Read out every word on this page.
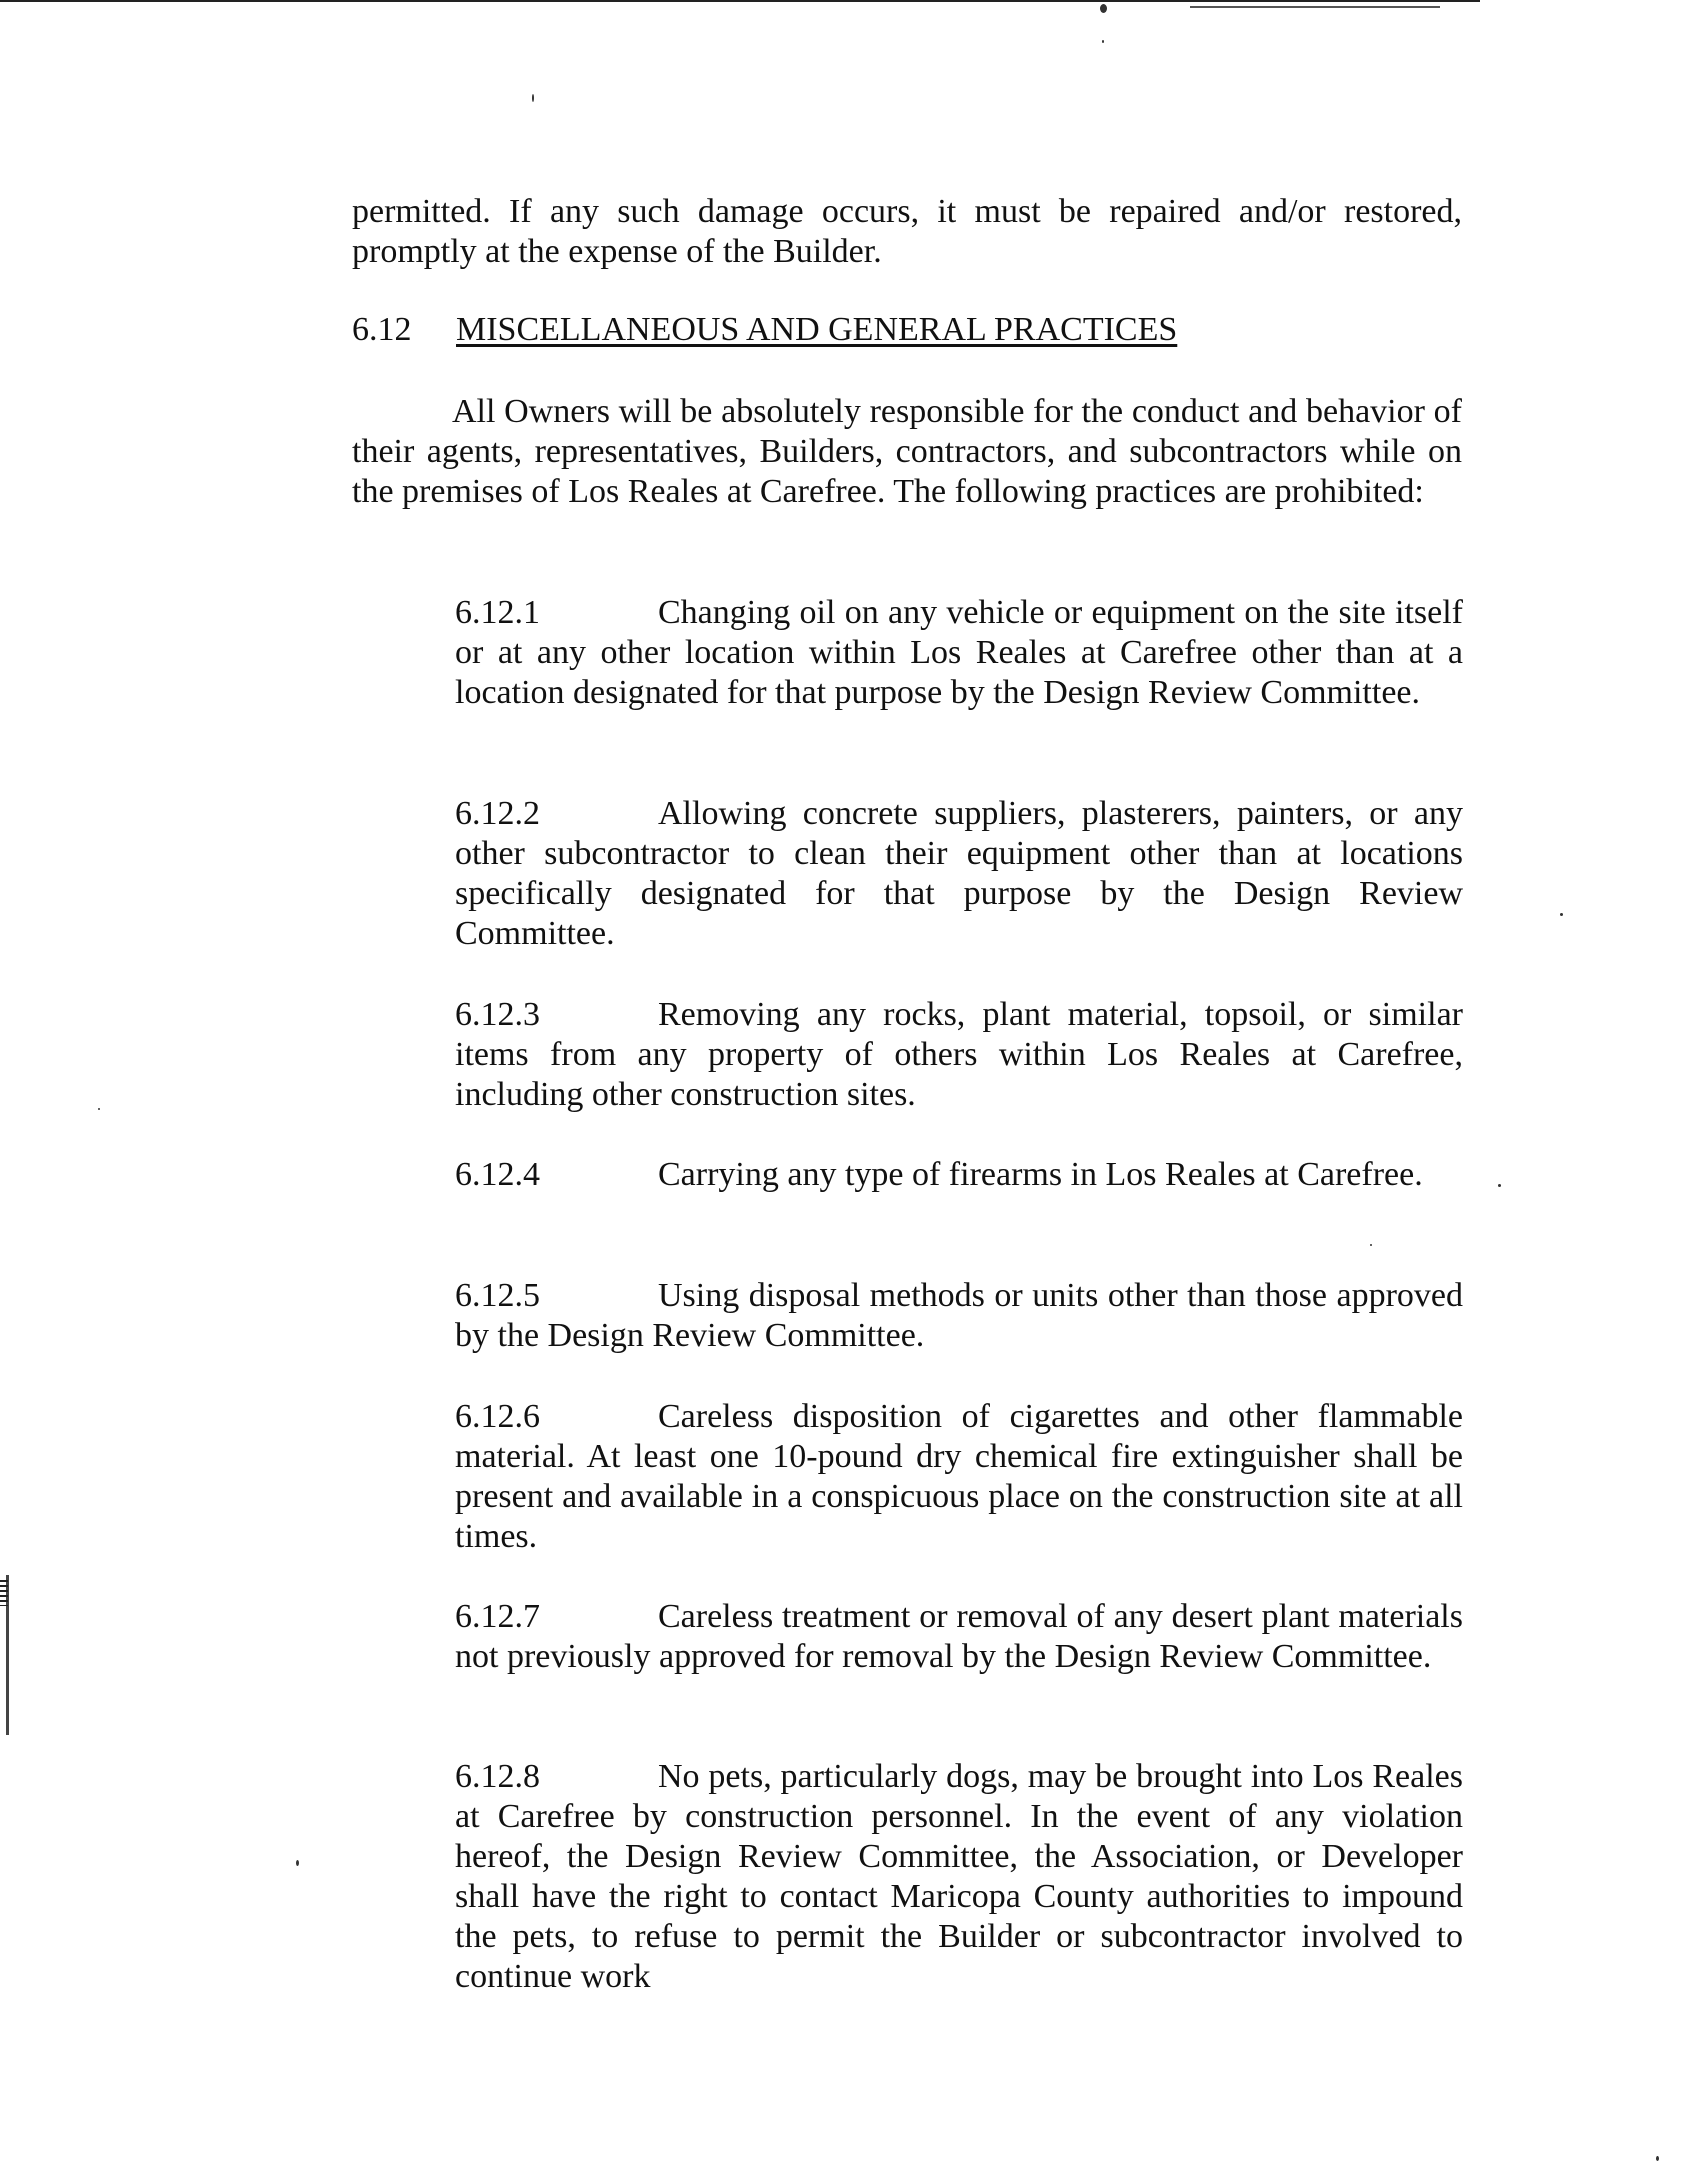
permitted. If any such damage occurs, it must be repaired and/or restored, promptly at the expense of the Builder.

6.12 MISCELLANEOUS AND GENERAL PRACTICES

All Owners will be absolutely responsible for the conduct and behavior of their agents, representatives, Builders, contractors, and subcontractors while on the premises of Los Reales at Carefree. The following practices are prohibited:

6.12.1	Changing oil on any vehicle or equipment on the site itself or at any other location within Los Reales at Carefree other than at a location designated for that purpose by the Design Review Committee.

6.12.2	Allowing concrete suppliers, plasterers, painters, or any other subcontractor to clean their equipment other than at locations specifically designated for that purpose by the Design Review Committee.

6.12.3	Removing any rocks, plant material, topsoil, or similar items from any property of others within Los Reales at Carefree, including other construction sites.

6.12.4	Carrying any type of firearms in Los Reales at Carefree.

6.12.5	Using disposal methods or units other than those approved by the Design Review Committee.

6.12.6	Careless disposition of cigarettes and other flammable material. At least one 10-pound dry chemical fire extinguisher shall be present and available in a conspicuous place on the construction site at all times.

6.12.7	Careless treatment or removal of any desert plant materials not previously approved for removal by the Design Review Committee.

6.12.8	No pets, particularly dogs, may be brought into Los Reales at Carefree by construction personnel. In the event of any violation hereof, the Design Review Committee, the Association, or Developer shall have the right to contact Maricopa County authorities to impound the pets, to refuse to permit the Builder or subcontractor involved to continue work
